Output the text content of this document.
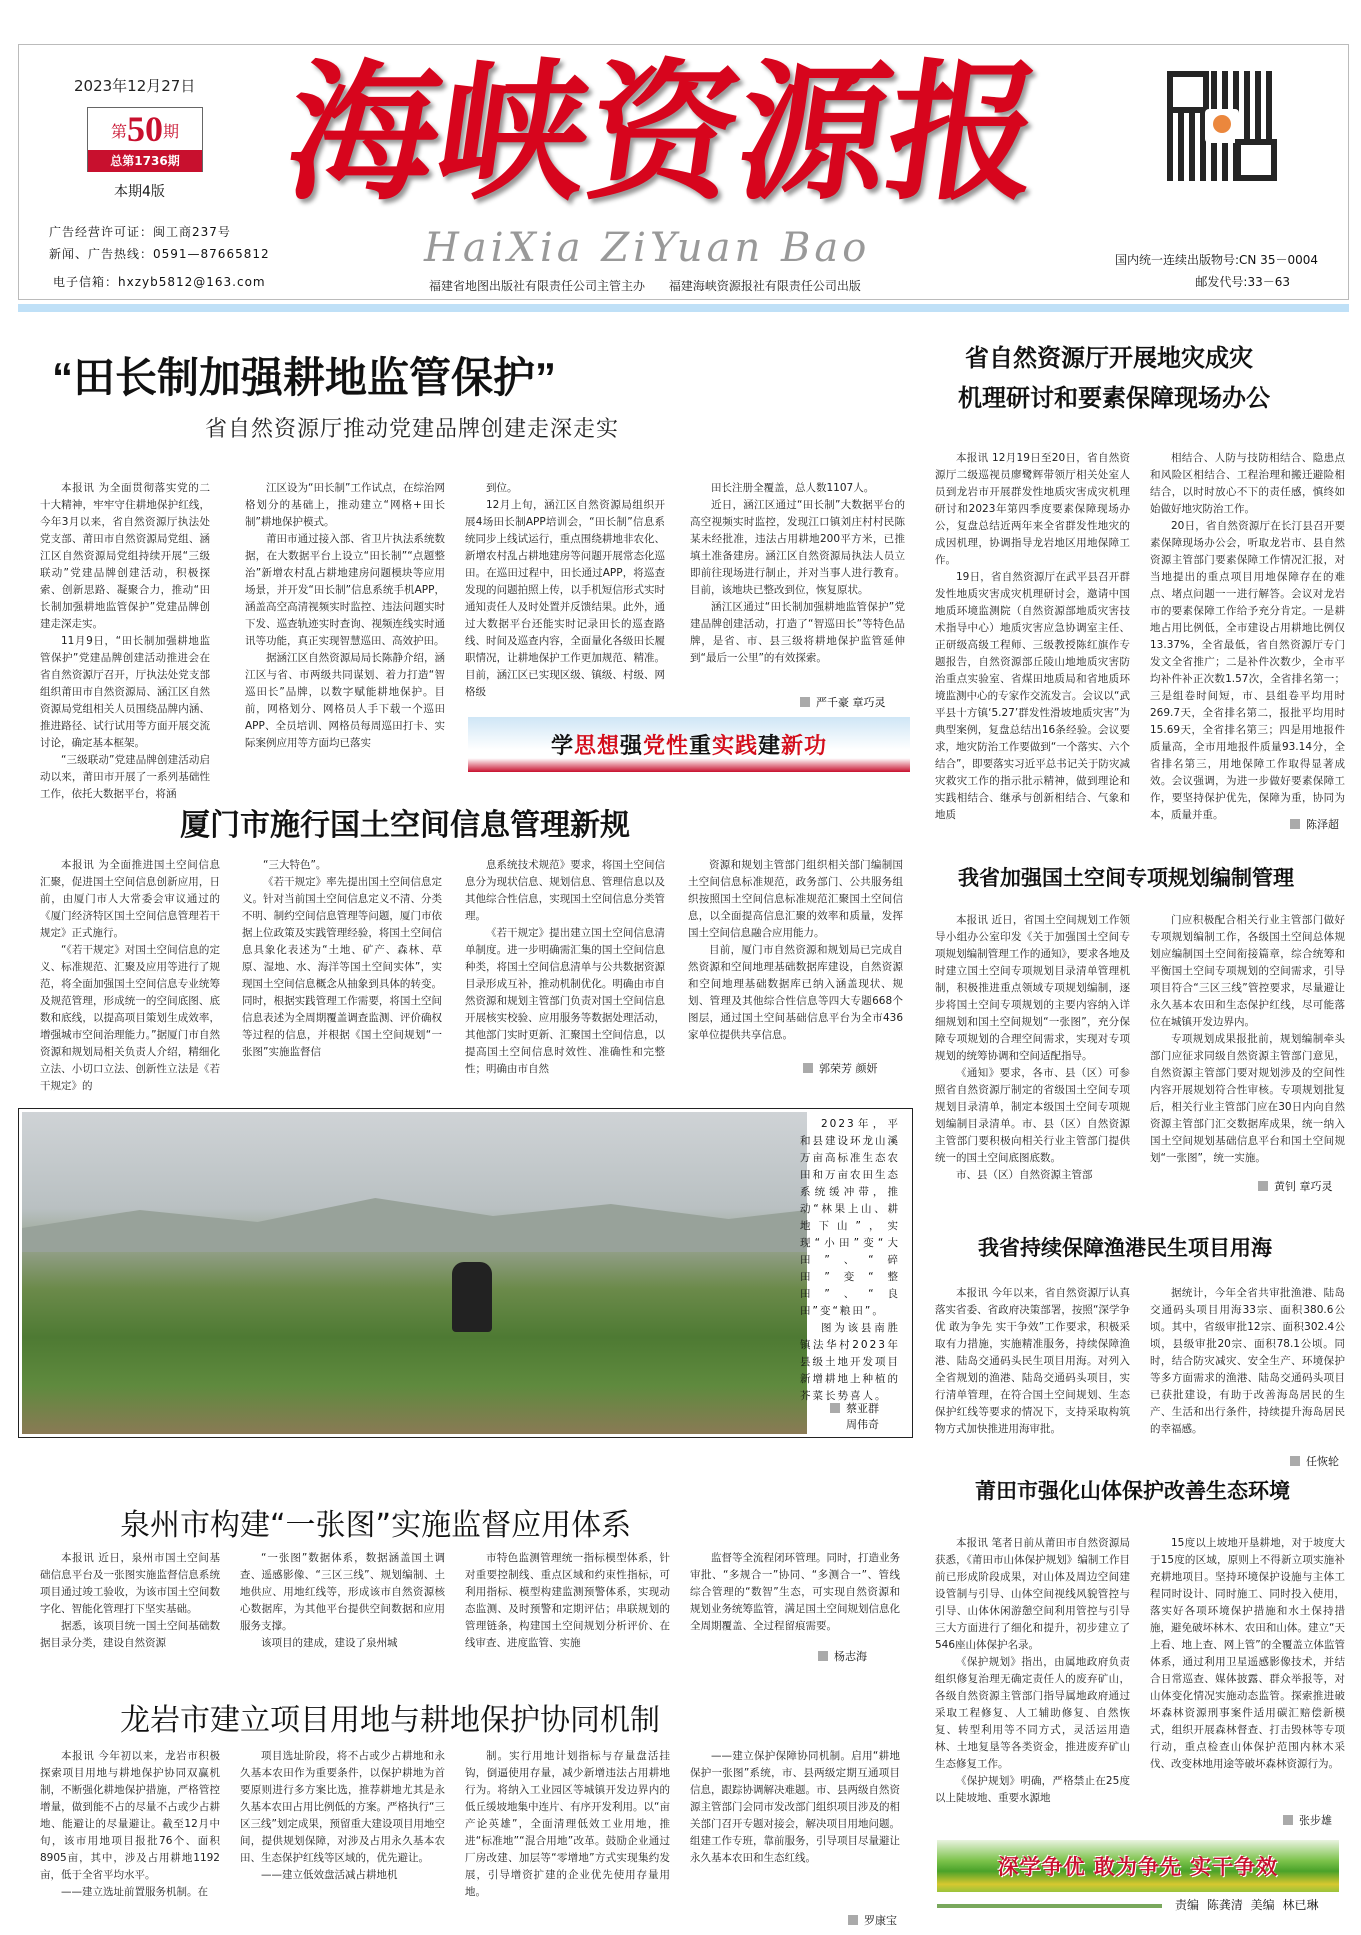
2023年12月27日
第50期
总第1736期
本期4版
广告经营许可证：闽工商237号
新闻、广告热线：0591—87665812
电子信箱：hxzyb5812@163.com
海
峡
资
源
报
HaiXia ZiYuan Bao
福建省地图出版社有限责任公司主管主办 福建海峡资源报社有限责任公司出版
国内统一连续出版物号:CN 35－0004
邮发代号:33－63
“田长制加强耕地监管保护”
省自然资源厅推动党建品牌创建走深走实

本报讯 为全面贯彻落实党的二十大精神，牢牢守住耕地保护红线，今年3月以来，省自然资源厅执法处党支部、莆田市自然资源局党组、涵江区自然资源局党组持续开展“三级联动”党建品牌创建活动，积极探索、创新思路、凝聚合力，推动“田长制加强耕地监管保护”党建品牌创建走深走实。

11月9日，“田长制加强耕地监管保护”党建品牌创建活动推进会在省自然资源厅召开，厅执法处党支部组织莆田市自然资源局、涵江区自然资源局党组相关人员围绕品牌内涵、推进路径、试行试用等方面开展交流讨论，确定基本框架。

“三级联动”党建品牌创建活动启动以来，莆田市开展了一系列基础性工作，依托大数据平台，将涵

江区设为“田长制”工作试点，在综治网格划分的基础上，推动建立“网格+田长制”耕地保护模式。

莆田市通过接入部、省卫片执法系统数据，在大数据平台上设立“田长制”“点题整治”新增农村乱占耕地建房问题模块等应用场景，并开发“田长制”信息系统手机APP，涵盖高空高清视频实时监控、违法问题实时下发、巡查轨迹实时查询、视频连线实时通讯等功能，真正实现智慧巡田、高效护田。

据涵江区自然资源局局长陈静介绍，涵江区与省、市两级共同谋划、着力打造“智巡田长”品牌，以数字赋能耕地保护。目前，网格划分、网格员人手下载一个巡田APP、全员培训、网格员每周巡田打卡、实际案例应用等方面均已落实

到位。

12月上旬，涵江区自然资源局组织开展4场田长制APP培训会，“田长制”信息系统同步上线试运行，重点围绕耕地非农化、新增农村乱占耕地建房等问题开展常态化巡田。在巡田过程中，田长通过APP，将巡查发现的问题拍照上传，以手机短信形式实时通知责任人及时处置并反馈结果。此外，通过大数据平台还能实时记录田长的巡查路线、时间及巡查内容，全面量化各级田长履职情况，让耕地保护工作更加规范、精准。目前，涵江区已实现区级、镇级、村级、网格级

田长注册全覆盖，总人数1107人。

近日，涵江区通过“田长制”大数据平台的高空视频实时监控，发现江口镇刘庄村村民陈某未经批准，违法占用耕地200平方米，已推填土准备建房。涵江区自然资源局执法人员立即前往现场进行制止，并对当事人进行教育。目前，该地块已整改到位，恢复原状。

涵江区通过“田长制加强耕地监管保护”党建品牌创建活动，打造了“智巡田长”等特色品牌，是省、市、县三级将耕地保护监管延伸到“最后一公里”的有效探索。

严千豪 章巧灵
学 思想 强 党性 重 实践 建 新功
厦门市施行国土空间信息管理新规

本报讯 为全面推进国土空间信息汇聚，促进国土空间信息创新应用，日前，由厦门市人大常委会审议通过的《厦门经济特区国土空间信息管理若干规定》正式施行。

“《若干规定》对国土空间信息的定义、标准规范、汇聚及应用等进行了规范，将全面加强国土空间信息专业统筹及规范管理，形成统一的空间底图、底数和底线，以提高项目策划生成效率，增强城市空间治理能力。”据厦门市自然资源和规划局相关负责人介绍，精细化立法、小切口立法、创新性立法是《若干规定》的

“三大特色”。

《若干规定》率先提出国土空间信息定义。针对当前国土空间信息定义不清、分类不明、制约空间信息管理等问题，厦门市依据上位政策及实践管理经验，将国土空间信息具象化表述为“土地、矿产、森林、草原、湿地、水、海洋等国土空间实体”，实现国土空间信息概念从抽象到具体的转变。同时，根据实践管理工作需要，将国土空间信息表述为全周期覆盖调查监测、评价确权等过程的信息，并根据《国土空间规划“一张图”实施监督信

息系统技术规范》要求，将国土空间信息分为现状信息、规划信息、管理信息以及其他综合性信息，实现国土空间信息分类管理。

《若干规定》提出建立国土空间信息清单制度。进一步明确需汇集的国土空间信息种类，将国土空间信息清单与公共数据资源目录形成互补，推动机制优化。明确由市自然资源和规划主管部门负责对国土空间信息开展核实校验、应用服务等数据处理活动，其他部门实时更新、汇聚国土空间信息，以提高国土空间信息时效性、准确性和完整性；明确由市自然

资源和规划主管部门组织相关部门编制国土空间信息标准规范，政务部门、公共服务组织按照国土空间信息标准规范汇聚国土空间信息，以全面提高信息汇聚的效率和质量，发挥国土空间信息融合应用能力。

目前，厦门市自然资源和规划局已完成自然资源和空间地理基础数据库建设，自然资源和空间地理基础数据库已纳入涵盖现状、规划、管理及其他综合性信息等四大专题668个图层，通过国土空间基础信息平台为全市436家单位提供共享信息。

郭荣芳 颜妍

2023年，平和县建设环龙山溪万亩高标准生态农田和万亩农田生态系统缓冲带，推动“林果上山、耕地下山”，实现“小田”变“大田”、“碎田”变“整田”、“良田”变“粮田”。

图为该县南胜镇法华村2023年县级土地开发项目新增耕地上种植的芥菜长势喜人。

蔡亚群
周伟奇
泉州市构建“一张图”实施监督应用体系

本报讯 近日，泉州市国土空间基础信息平台及一张图实施监督信息系统项目通过竣工验收，为该市国土空间数字化、智能化管理打下坚实基础。

据悉，该项目统一国土空间基础数据目录分类，建设自然资源

“一张图”数据体系，数据涵盖国土调查、遥感影像、“三区三线”、规划编制、土地供应、用地红线等，形成该市自然资源核心数据库，为其他平台提供空间数据和应用服务支撑。

该项目的建成，建设了泉州城

市特色监测管理统一指标模型体系，针对重要控制线、重点区域和约束性指标，可利用指标、模型构建监测预警体系，实现动态监测、及时预警和定期评估；串联规划的管理链条，构建国土空间规划分析评价、在线审查、进度监管、实施

监督等全流程闭环管理。同时，打造业务审批、“多规合一”协同、“多测合一”、管线综合管理的“数智”生态，可实现自然资源和规划业务统筹监管，满足国土空间规划信息化全周期覆盖、全过程留痕需要。

杨志海
龙岩市建立项目用地与耕地保护协同机制

本报讯 今年初以来，龙岩市积极探索项目用地与耕地保护协同双赢机制，不断强化耕地保护措施，严格管控增量，做到能不占的尽量不占或少占耕地、能避让的尽量避让。截至12月中旬，该市用地项目报批76个、面积8905亩，其中，涉及占用耕地1192亩，低于全省平均水平。

——建立选址前置服务机制。在

项目选址阶段，将不占或少占耕地和永久基本农田作为重要条件，以保护耕地为首要原则进行多方案比选，推荐耕地尤其是永久基本农田占用比例低的方案。严格执行“三区三线”划定成果，预留重大建设项目用地空间，提供规划保障，对涉及占用永久基本农田、生态保护红线等区域的，优先避让。

——建立低效盘活减占耕地机

制。实行用地计划指标与存量盘活挂钩，倒逼使用存量，减少新增违法占用耕地行为。将纳入工业园区等城镇开发边界内的低丘缓坡地集中连片、有序开发利用。以“亩产论英雄”，全面清理低效工业用地，推进“标准地”“混合用地”改革。鼓励企业通过厂房改建、加层等“零增地”方式实现集约发展，引导增资扩建的企业优先使用存量用地。

——建立保护保障协同机制。启用“耕地保护一张图”系统，市、县两级定期互通项目信息，跟踪协调解决难题。市、县两级自然资源主管部门会同市发改部门组织项目涉及的相关部门召开专题对接会，解决项目用地问题。组建工作专班，靠前服务，引导项目尽量避让永久基本农田和生态红线。

罗康宝
省自然资源厅开展地灾成灾
机理研讨和要素保障现场办公

本报讯 12月19日至20日，省自然资源厅二级巡视员廖鹭辉带领厅相关处室人员到龙岩市开展群发性地质灾害成灾机理研讨和2023年第四季度要素保障现场办公，复盘总结近两年来全省群发性地灾的成因机理，协调指导龙岩地区用地保障工作。

19日，省自然资源厅在武平县召开群发性地质灾害成灾机理研讨会，邀请中国地质环境监测院（自然资源部地质灾害技术指导中心）地质灾害应急协调室主任、正研级高级工程师、三级教授陈红旗作专题报告，自然资源部丘陵山地地质灾害防治重点实验室、省煤田地质局和省地质环境监测中心的专家作交流发言。会议以“武平县十方镇‘5.27’群发性滑坡地质灾害”为典型案例，复盘总结出16条经验。会议要求，地灾防治工作要做到“一个落实、六个结合”，即要落实习近平总书记关于防灾减灾救灾工作的指示批示精神，做到理论和实践相结合、继承与创新相结合、气象和地质

相结合、人防与技防相结合、隐患点和风险区相结合、工程治理和搬迁避险相结合，以时时放心不下的责任感，慎终如始做好地灾防治工作。

20日，省自然资源厅在长汀县召开要素保障现场办公会，听取龙岩市、县自然资源主管部门要素保障工作情况汇报，对当地提出的重点项目用地保障存在的难点、堵点问题一一进行解答。会议对龙岩市的要素保障工作给予充分肯定。一是耕地占用比例低，全市建设占用耕地比例仅13.37%，全省最低，省自然资源厅专门发文全省推广；二是补件次数少，全市平均补件补正次数1.57次，全省排名第一；三是组卷时间短，市、县组卷平均用时269.7天，全省排名第二，报批平均用时15.69天，全省排名第三；四是用地报件质量高，全市用地报件质量93.14分，全省排名第三，用地保障工作取得显著成效。会议强调，为进一步做好要素保障工作，要坚持保护优先，保障为重，协同为本，质量并重。

陈泽超
我省加强国土空间专项规划编制管理

本报讯 近日，省国土空间规划工作领导小组办公室印发《关于加强国土空间专项规划编制管理工作的通知》，要求各地及时建立国土空间专项规划目录清单管理机制，积极推进重点领域专项规划编制，逐步将国土空间专项规划的主要内容纳入详细规划和国土空间规划“一张图”，充分保障专项规划的合理空间需求，实现对专项规划的统筹协调和空间适配指导。

《通知》要求，各市、县（区）可参照省自然资源厅制定的省级国土空间专项规划目录清单，制定本级国土空间专项规划编制目录清单。市、县（区）自然资源主管部门要积极向相关行业主管部门提供统一的国土空间底图底数。

市、县（区）自然资源主管部

门应积极配合相关行业主管部门做好专项规划编制工作，各级国土空间总体规划应编制国土空间衔接篇章，综合统筹和平衡国土空间专项规划的空间需求，引导项目符合“三区三线”管控要求，尽量避让永久基本农田和生态保护红线，尽可能落位在城镇开发边界内。

专项规划成果报批前，规划编制牵头部门应征求同级自然资源主管部门意见，自然资源主管部门要对规划涉及的空间性内容开展规划符合性审核。专项规划批复后，相关行业主管部门应在30日内向自然资源主管部门汇交数据库成果，统一纳入国土空间规划基础信息平台和国土空间规划“一张图”，统一实施。

黄钊 章巧灵
我省持续保障渔港民生项目用海

本报讯 今年以来，省自然资源厅认真落实省委、省政府决策部署，按照“深学争优 敢为争先 实干争效”工作要求，积极采取有力措施，实施精准服务，持续保障渔港、陆岛交通码头民生项目用海。对列入全省规划的渔港、陆岛交通码头项目，实行清单管理，在符合国土空间规划、生态保护红线等要求的情况下，支持采取构筑物方式加快推进用海审批。

据统计，今年全省共审批渔港、陆岛交通码头项目用海33宗、面积380.6公顷。其中，省级审批12宗、面积302.4公顷，县级审批20宗、面积78.1公顷。同时，结合防灾减灾、安全生产、环境保护等多方面需求的渔港、陆岛交通码头项目已获批建设，有助于改善海岛居民的生产、生活和出行条件，持续提升海岛居民的幸福感。

任恢轮
莆田市强化山体保护改善生态环境

本报讯 笔者日前从莆田市自然资源局获悉，《莆田市山体保护规划》编制工作目前已形成阶段成果，对山体及周边空间建设管制与引导、山体空间视线风貌管控与引导、山体休闲游憩空间利用管控与引导三大方面进行了细化和提升，初步建立了546座山体保护名录。

《保护规划》指出，由属地政府负责组织修复治理无确定责任人的废弃矿山，各级自然资源主管部门指导属地政府通过采取工程修复、人工辅助修复、自然恢复、转型利用等不同方式，灵活运用造林、土地复垦等各类资金，推进废弃矿山生态修复工作。

《保护规划》明确，严格禁止在25度以上陡坡地、重要水源地

15度以上坡地开垦耕地，对于坡度大于15度的区域，原则上不得新立项实施补充耕地项目。坚持环境保护设施与主体工程同时设计、同时施工、同时投入使用，落实好各项环境保护措施和水土保持措施，避免破坏林木、农田和山体。建立“天上看、地上查、网上管”的全覆盖立体监管体系，通过利用卫星遥感影像技术，并结合日常巡查、媒体披露、群众举报等，对山体变化情况实施动态监管。探索推进破坏森林资源刑事案件适用碳汇赔偿新模式，组织开展森林督查、打击毁林等专项行动，重点检查山体保护范围内林木采伐、改变林地用途等破坏森林资源行为。

张步雄
深学争优 敢为争先 实干争效
责编 陈龚清 美编 林已琳
